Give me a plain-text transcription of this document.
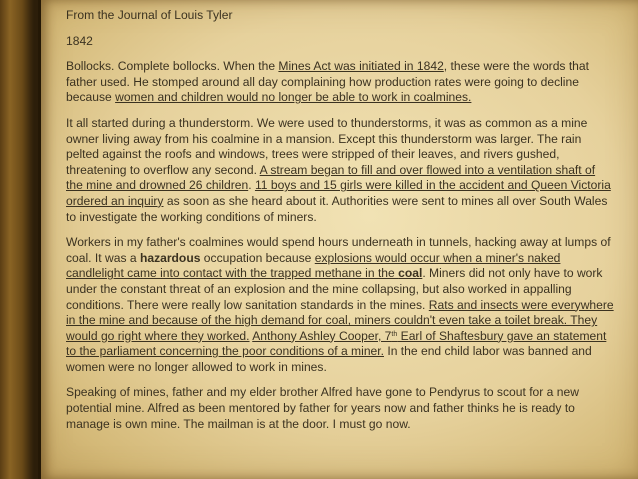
From the Journal of Louis Tyler

1842

Bollocks. Complete bollocks. When the Mines Act was initiated in 1842, these were the words that father used. He stomped around all day complaining how production rates were going to decline because women and children would no longer be able to work in coalmines.

It all started during a thunderstorm. We were used to thunderstorms, it was as common as a mine owner living away from his coalmine in a mansion. Except this thunderstorm was larger. The rain pelted against the roofs and windows, trees were stripped of their leaves, and rivers gushed, threatening to overflow any second. A stream began to fill and over flowed into a ventilation shaft of the mine and drowned 26 children. 11 boys and 15 girls were killed in the accident and Queen Victoria ordered an inquiry as soon as she heard about it. Authorities were sent to mines all over South Wales to investigate the working conditions of miners.

Workers in my father's coalmines would spend hours underneath in tunnels, hacking away at lumps of coal. It was a hazardous occupation because explosions would occur when a miner's naked candlelight came into contact with the trapped methane in the coal. Miners did not only have to work under the constant threat of an explosion and the mine collapsing, but also worked in appalling conditions. There were really low sanitation standards in the mines. Rats and insects were everywhere in the mine and because of the high demand for coal, miners couldn't even take a toilet break. They would go right where they worked. Anthony Ashley Cooper, 7th Earl of Shaftesbury gave an statement to the parliament concerning the poor conditions of a miner. In the end child labor was banned and women were no longer allowed to work in mines.

Speaking of mines, father and my elder brother Alfred have gone to Pendyrus to scout for a new potential mine. Alfred as been mentored by father for years now and father thinks he is ready to manage is own mine. The mailman is at the door. I must go now.
